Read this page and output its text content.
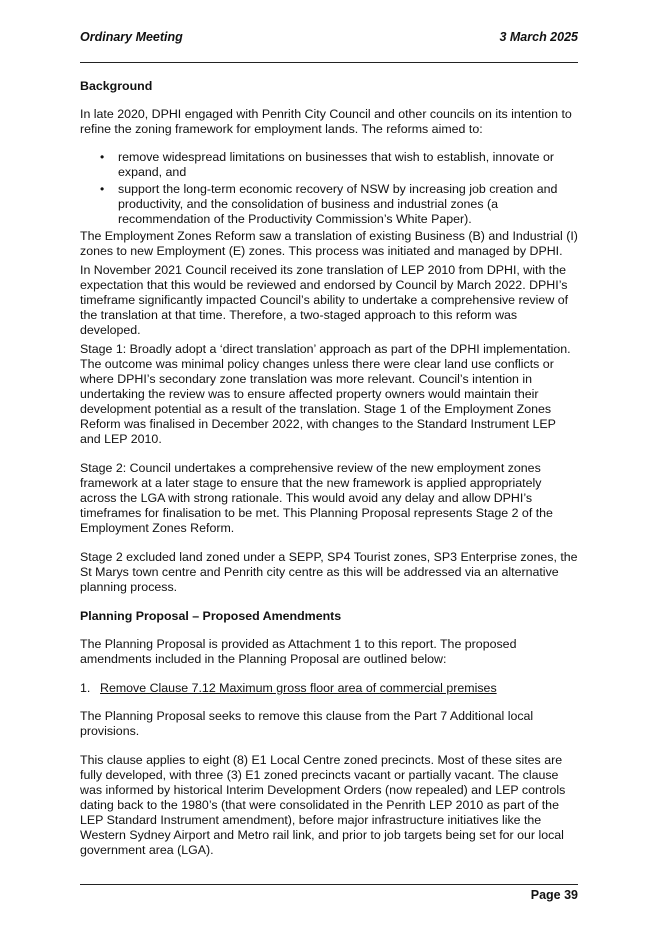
Ordinary Meeting	3 March 2025

Background

In late 2020, DPHI engaged with Penrith City Council and other councils on its intention to refine the zoning framework for employment lands. The reforms aimed to:

• remove widespread limitations on businesses that wish to establish, innovate or expand, and
• support the long-term economic recovery of NSW by increasing job creation and productivity, and the consolidation of business and industrial zones (a recommendation of the Productivity Commission’s White Paper).

The Employment Zones Reform saw a translation of existing Business (B) and Industrial (I) zones to new Employment (E) zones. This process was initiated and managed by DPHI.

In November 2021 Council received its zone translation of LEP 2010 from DPHI, with the expectation that this would be reviewed and endorsed by Council by March 2022. DPHI’s timeframe significantly impacted Council’s ability to undertake a comprehensive review of the translation at that time. Therefore, a two-staged approach to this reform was developed.

Stage 1: Broadly adopt a ‘direct translation’ approach as part of the DPHI implementation. The outcome was minimal policy changes unless there were clear land use conflicts or where DPHI’s secondary zone translation was more relevant. Council’s intention in undertaking the review was to ensure affected property owners would maintain their development potential as a result of the translation. Stage 1 of the Employment Zones Reform was finalised in December 2022, with changes to the Standard Instrument LEP and LEP 2010.

Stage 2: Council undertakes a comprehensive review of the new employment zones framework at a later stage to ensure that the new framework is applied appropriately across the LGA with strong rationale. This would avoid any delay and allow DPHI’s timeframes for finalisation to be met. This Planning Proposal represents Stage 2 of the Employment Zones Reform.

Stage 2 excluded land zoned under a SEPP, SP4 Tourist zones, SP3 Enterprise zones, the St Marys town centre and Penrith city centre as this will be addressed via an alternative planning process.

Planning Proposal – Proposed Amendments

The Planning Proposal is provided as Attachment 1 to this report. The proposed amendments included in the Planning Proposal are outlined below:

1. Remove Clause 7.12 Maximum gross floor area of commercial premises

The Planning Proposal seeks to remove this clause from the Part 7 Additional local provisions.

This clause applies to eight (8) E1 Local Centre zoned precincts. Most of these sites are fully developed, with three (3) E1 zoned precincts vacant or partially vacant. The clause was informed by historical Interim Development Orders (now repealed) and LEP controls dating back to the 1980’s (that were consolidated in the Penrith LEP 2010 as part of the LEP Standard Instrument amendment), before major infrastructure initiatives like the Western Sydney Airport and Metro rail link, and prior to job targets being set for our local government area (LGA).

Page 39
